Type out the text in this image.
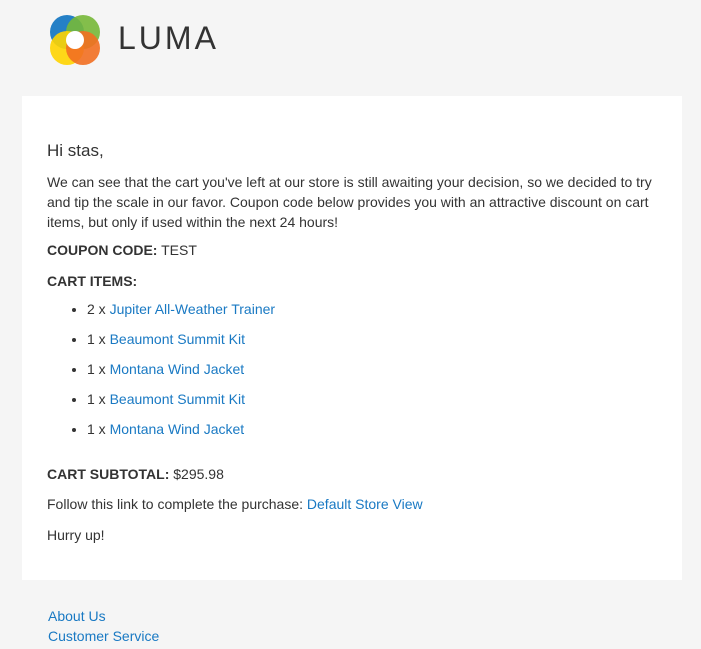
LUMA
Hi stas,

We can see that the cart you've left at our store is still awaiting your decision, so we decided to try and tip the scale in our favor. Coupon code below provides you with an attractive discount on cart items, but only if used within the next 24 hours!

COUPON CODE: TEST
CART ITEMS:
• 2 x Jupiter All-Weather Trainer
• 1 x Beaumont Summit Kit
• 1 x Montana Wind Jacket
• 1 x Beaumont Summit Kit
• 1 x Montana Wind Jacket
CART SUBTOTAL: $295.98
Follow this link to complete the purchase: Default Store View
Hurry up!
About Us
Customer Service
